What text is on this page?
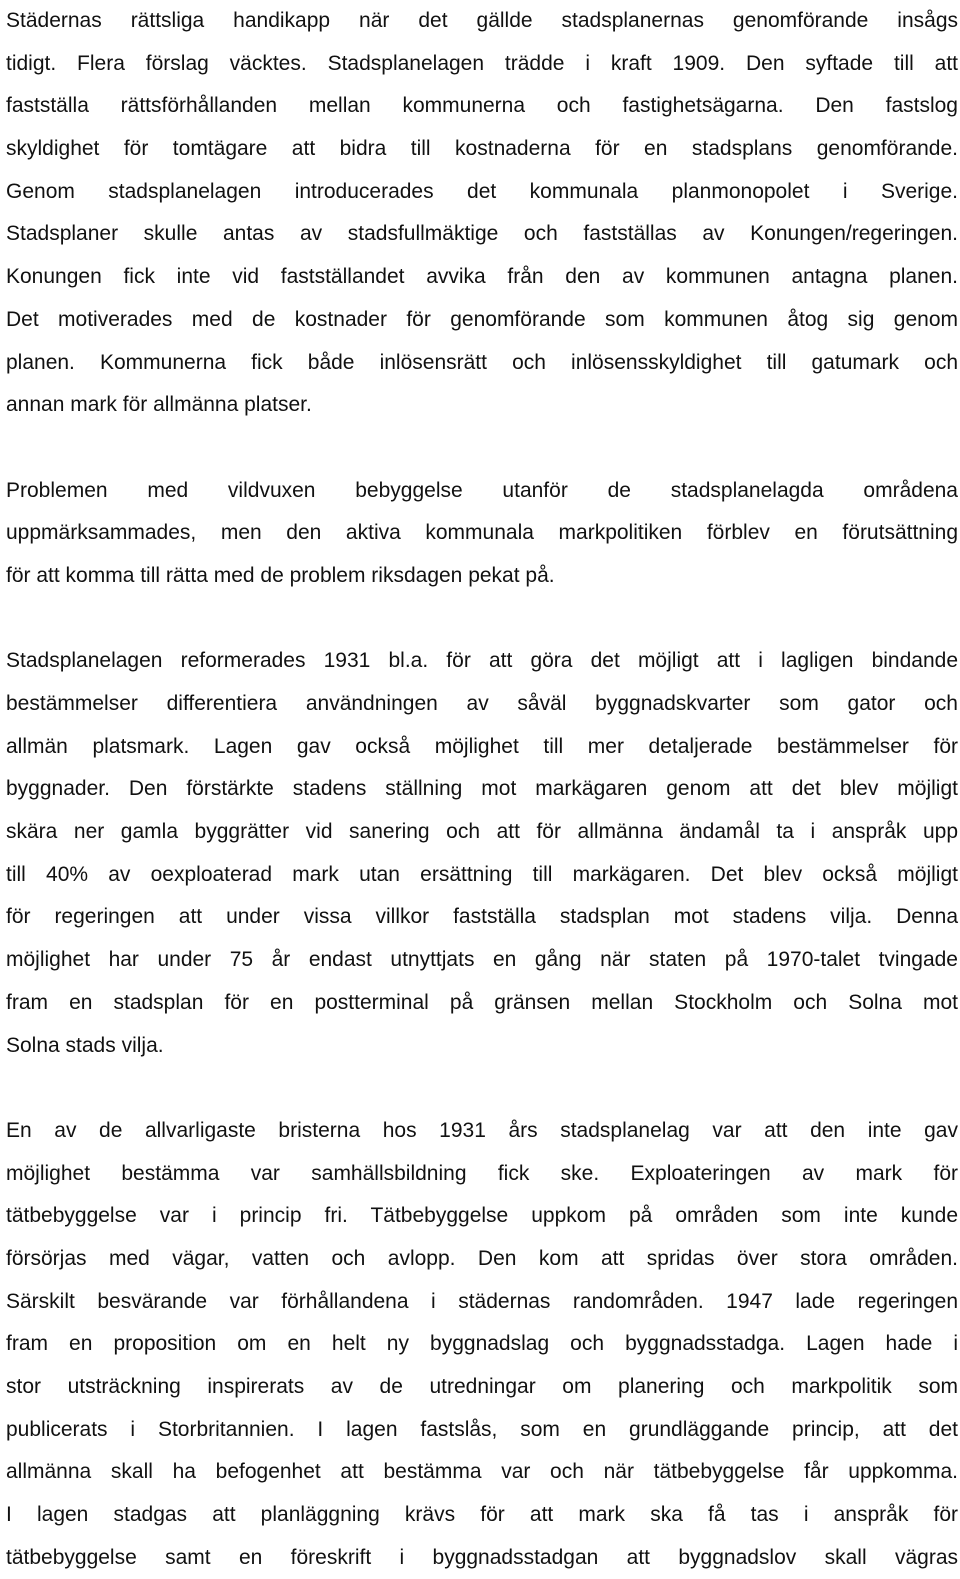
Städernas rättsliga handikapp när det gällde stadsplanernas genomförande insågs
tidigt. Flera förslag väcktes. Stadsplanelagen trädde i kraft 1909. Den syftade till att
fastställa rättsförhållanden mellan kommunerna och fastighetsägarna. Den fastslog
skyldighet för tomtägare att bidra till kostnaderna för en stadsplans genomförande.
Genom stadsplanelagen introducerades det kommunala planmonopolet i Sverige.
Stadsplaner skulle antas av stadsfullmäktige och fastställas av Konungen/regeringen.
Konungen fick inte vid fastställandet avvika från den av kommunen antagna planen.
Det motiverades med de kostnader för genomförande som kommunen åtog sig genom
planen. Kommunerna fick både inlösensrätt och inlösensskyldighet till gatumark och
annan mark för allmänna platser.
Problemen med vildvuxen bebyggelse utanför de stadsplanelagda områdena
uppmärksammades, men den aktiva kommunala markpolitiken förblev en förutsättning
för att komma till rätta med de problem riksdagen pekat på.
Stadsplanelagen reformerades 1931 bl.a. för att göra det möjligt att i lagligen bindande
bestämmelser differentiera användningen av såväl byggnadskvarter som gator och
allmän platsmark. Lagen gav också möjlighet till mer detaljerade bestämmelser för
byggnader. Den förstärkte stadens ställning mot markägaren genom att det blev möjligt
skära ner gamla byggrätter vid sanering och att för allmänna ändamål ta i anspråk upp
till 40% av oexploaterad mark utan ersättning till markägaren. Det blev också möjligt
för regeringen att under vissa villkor fastställa stadsplan mot stadens vilja. Denna
möjlighet har under 75 år endast utnyttjats en gång när staten på 1970-talet tvingade
fram en stadsplan för en postterminal på gränsen mellan Stockholm och Solna mot
Solna stads vilja.
En av de allvarligaste bristerna hos 1931 års stadsplanelag var att den inte gav
möjlighet bestämma var samhällsbildning fick ske. Exploateringen av mark för
tätbebyggelse var i princip fri. Tätbebyggelse uppkom på områden som inte kunde
försörjas med vägar, vatten och avlopp. Den kom att spridas över stora områden.
Särskilt besvärande var förhållandena i städernas randområden. 1947 lade regeringen
fram en proposition om en helt ny byggnadslag och byggnadsstadga. Lagen hade i
stor utsträckning inspirerats av de utredningar om planering och markpolitik som
publicerats i Storbritannien. I lagen fastslås, som en grundläggande princip, att det
allmänna skall ha befogenhet att bestämma var och när tätbebyggelse får uppkomma.
I lagen stadgas att planläggning krävs för att mark ska få tas i anspråk för
tätbebyggelse samt en föreskrift i byggnadsstadgan att byggnadslov skall vägras
